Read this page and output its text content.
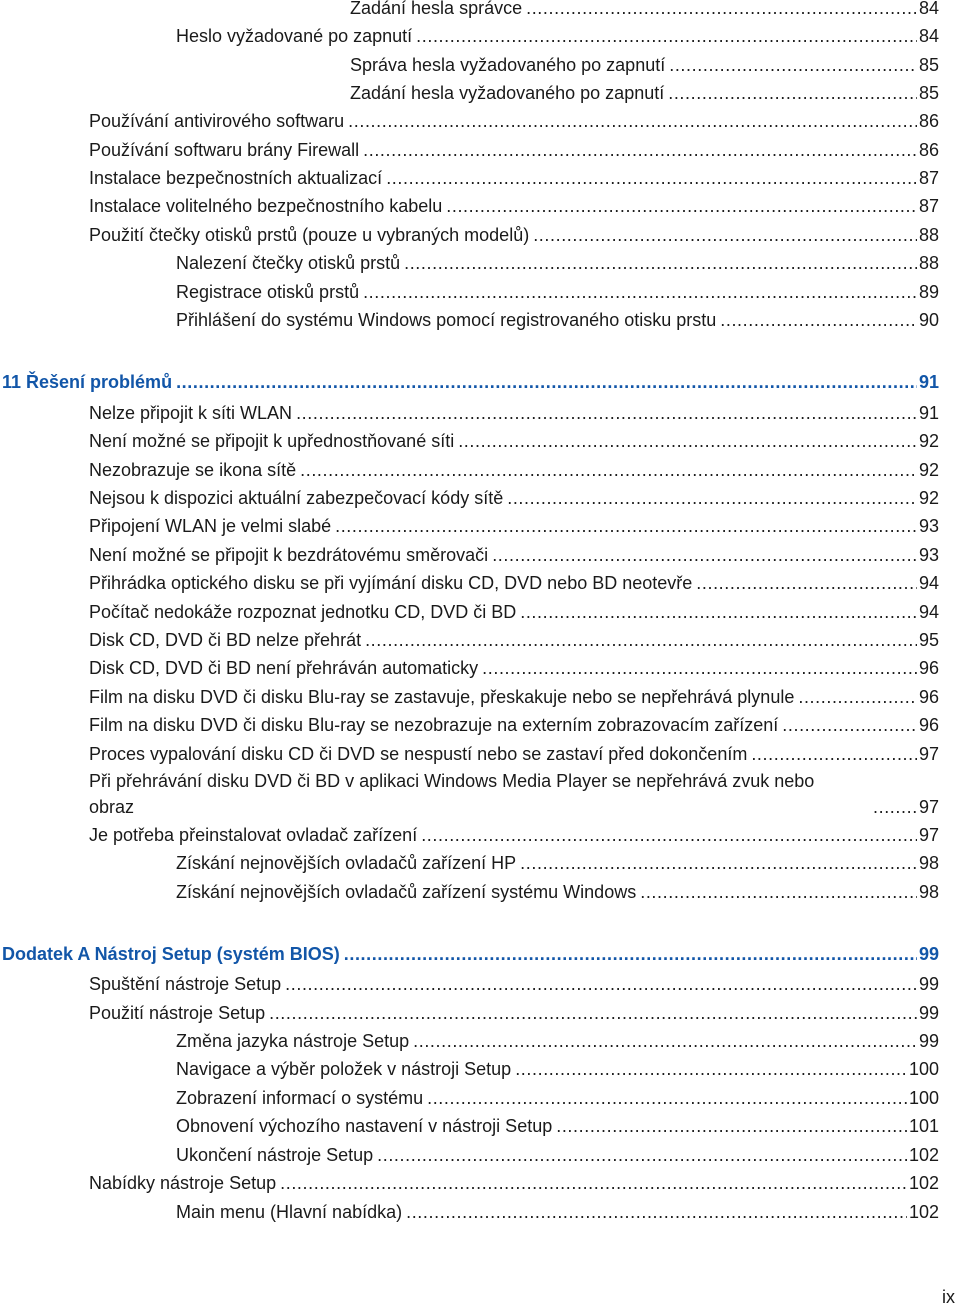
Zadání hesla správce .....	84
Heslo vyžadované po zapnutí .....	84
Správa hesla vyžadovaného po zapnutí .....	85
Zadání hesla vyžadovaného po zapnutí .....	85
Používání antivirového softwaru .....	86
Používání softwaru brány Firewall .....	86
Instalace bezpečnostních aktualizací .....	87
Instalace volitelného bezpečnostního kabelu .....	87
Použití čtečky otisků prstů (pouze u vybraných modelů) .....	88
Nalezení čtečky otisků prstů .....	88
Registrace otisků prstů .....	89
Přihlášení do systému Windows pomocí registrovaného otisku prstu .....	90
11 Řešení problémů .....	91
Nelze připojit k síti WLAN .....	91
Není možné se připojit k upřednostňované síti .....	92
Nezobrazuje se ikona sítě .....	92
Nejsou k dispozici aktuální zabezpečovací kódy sítě .....	92
Připojení WLAN je velmi slabé .....	93
Není možné se připojit k bezdrátovému směrovači .....	93
Přihrádka optického disku se při vyjímání disku CD, DVD nebo BD neotevře .....	94
Počítač nedokáže rozpoznat jednotku CD, DVD či BD .....	94
Disk CD, DVD či BD nelze přehrát .....	95
Disk CD, DVD či BD není přehráván automaticky .....	96
Film na disku DVD či disku Blu-ray se zastavuje, přeskakuje nebo se nepřehrává plynule .....	96
Film na disku DVD či disku Blu-ray se nezobrazuje na externím zobrazovacím zařízení .....	96
Proces vypalování disku CD či DVD se nespustí nebo se zastaví před dokončením .....	97
Při přehrávání disku DVD či BD v aplikaci Windows Media Player se nepřehrává zvuk nebo
obraz .....	97
Je potřeba přeinstalovat ovladač zařízení .....	97
Získání nejnovějších ovladačů zařízení HP .....	98
Získání nejnovějších ovladačů zařízení systému Windows .....	98
Dodatek A Nástroj Setup (systém BIOS) .....	99
Spuštění nástroje Setup .....	99
Použití nástroje Setup .....	99
Změna jazyka nástroje Setup .....	99
Navigace a výběr položek v nástroji Setup .....	100
Zobrazení informací o systému .....	100
Obnovení výchozího nastavení v nástroji Setup .....	101
Ukončení nástroje Setup .....	102
Nabídky nástroje Setup .....	102
Main menu (Hlavní nabídka) .....	102
ix
